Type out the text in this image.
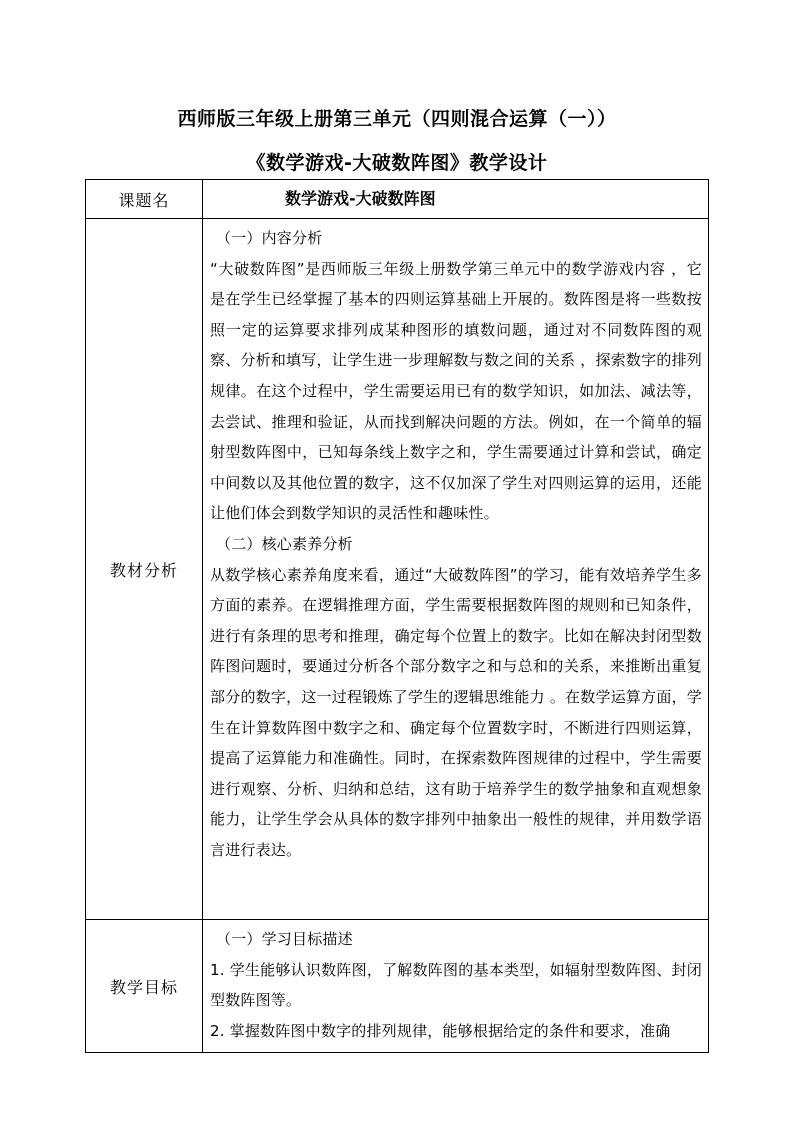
西师版三年级上册第三单元（四则混合运算（一））
《数学游戏-大破数阵图》教学设计
课题名	数学游戏-大破数阵图

教材分析	（一）内容分析

“大破数阵图”是西师版三年级上册数学第三单元中的数学游戏内容 ，它是在学生已经掌握了基本的四则运算基础上开展的。数阵图是将一些数按照一定的运算要求排列成某种图形的填数问题，通过对不同数阵图的观察、分析和填写，让学生进一步理解数与数之间的关系 ，探索数字的排列规律。在这个过程中，学生需要运用已有的数学知识，如加法、减法等，去尝试、推理和验证，从而找到解决问题的方法。例如，在一个简单的辐射型数阵图中，已知每条线上数字之和，学生需要通过计算和尝试，确定中间数以及其他位置的数字，这不仅加深了学生对四则运算的运用，还能让他们体会到数学知识的灵活性和趣味性。

（二）核心素养分析

从数学核心素养角度来看，通过“大破数阵图”的学习，能有效培养学生多方面的素养。在逻辑推理方面，学生需要根据数阵图的规则和已知条件，进行有条理的思考和推理，确定每个位置上的数字。比如在解决封闭型数阵图问题时，要通过分析各个部分数字之和与总和的关系，来推断出重复部分的数字，这一过程锻炼了学生的逻辑思维能力 。在数学运算方面，学生在计算数阵图中数字之和、确定每个位置数字时，不断进行四则运算，提高了运算能力和准确性。同时，在探索数阵图规律的过程中，学生需要进行观察、分析、归纳和总结，这有助于培养学生的数学抽象和直观想象能力，让学生学会从具体的数字排列中抽象出一般性的规律，并用数学语言进行表达。

教学目标	（一）学习目标描述

1. 学生能够认识数阵图，了解数阵图的基本类型，如辐射型数阵图、封闭型数阵图等。

2. 掌握数阵图中数字的排列规律，能够根据给定的条件和要求，准确
